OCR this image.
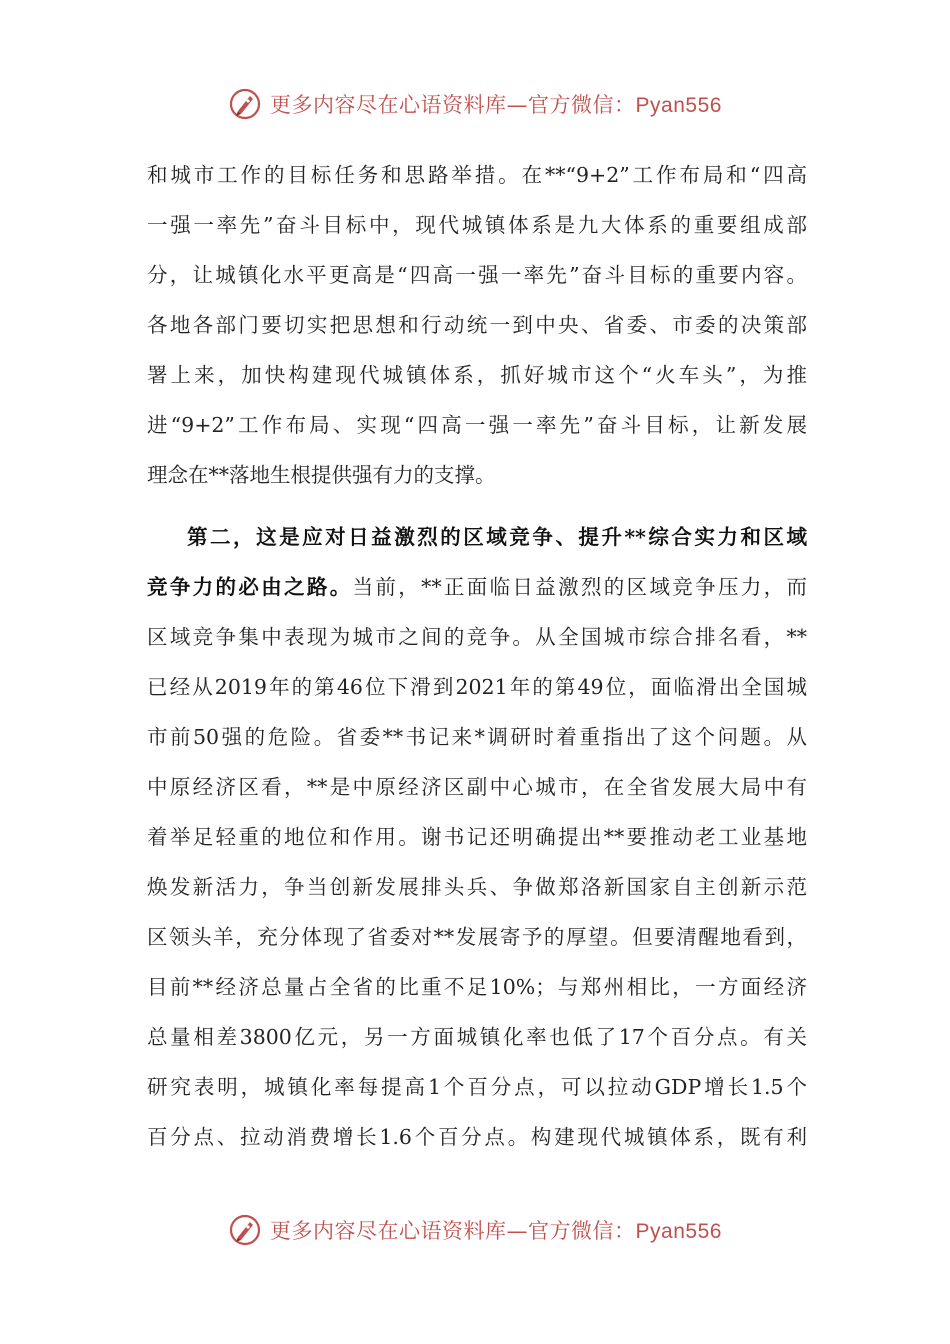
更多内容尽在心语资料库—官方微信：Pyan556
和城市工作的目标任务和思路举措。在**“9+2”工作布局和“四高
一强一率先”奋斗目标中，现代城镇体系是九大体系的重要组成部
分，让城镇化水平更高是“四高一强一率先”奋斗目标的重要内容。
各地各部门要切实把思想和行动统一到中央、省委、市委的决策部
署上来，加快构建现代城镇体系，抓好城市这个“火车头”，为推
进“9+2”工作布局、实现“四高一强一率先”奋斗目标，让新发展
理念在**落地生根提供强有力的支撑。
第二，这是应对日益激烈的区域竞争、提升**综合实力和区域
竞争力的必由之路。当前，**正面临日益激烈的区域竞争压力，而
区域竞争集中表现为城市之间的竞争。从全国城市综合排名看，**
已经从2019年的第46位下滑到2021年的第49位，面临滑出全国城
市前50强的危险。省委**书记来*调研时着重指出了这个问题。从
中原经济区看，**是中原经济区副中心城市，在全省发展大局中有
着举足轻重的地位和作用。谢书记还明确提出**要推动老工业基地
焕发新活力，争当创新发展排头兵、争做郑洛新国家自主创新示范
区领头羊，充分体现了省委对**发展寄予的厚望。但要清醒地看到，
目前**经济总量占全省的比重不足10%；与郑州相比，一方面经济
总量相差3800亿元，另一方面城镇化率也低了17个百分点。有关
研究表明，城镇化率每提高1个百分点，可以拉动GDP增长1.5个
百分点、拉动消费增长1.6个百分点。构建现代城镇体系，既有利
更多内容尽在心语资料库—官方微信：Pyan556
